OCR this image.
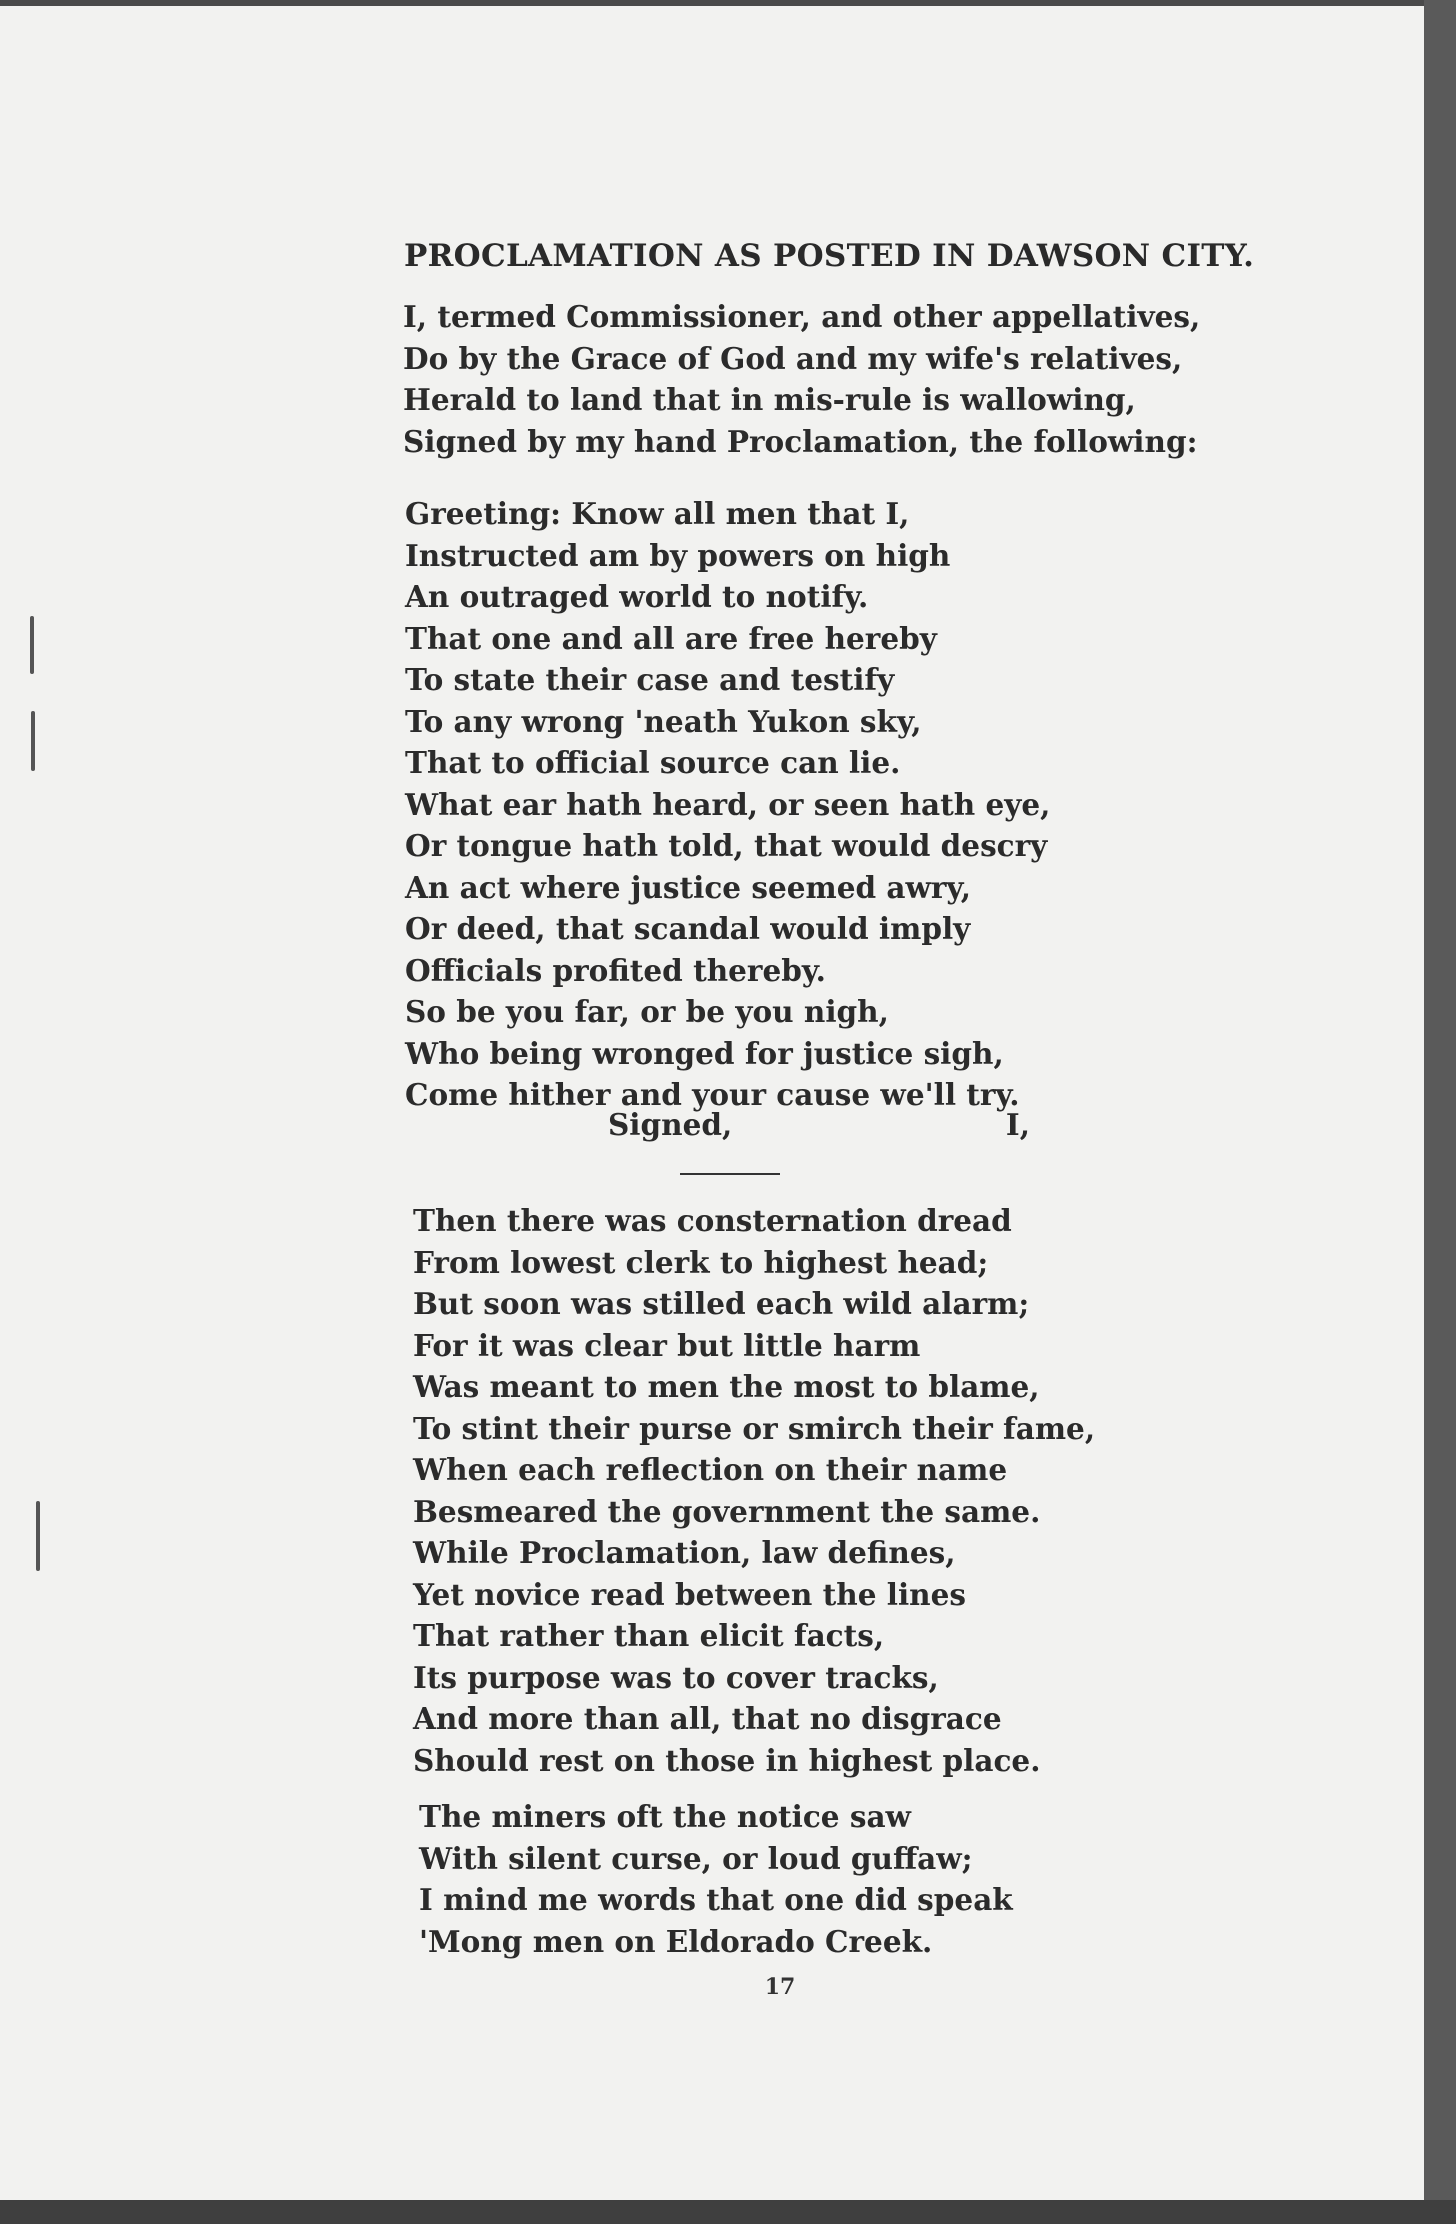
PROCLAMATION AS POSTED IN DAWSON CITY.
I, termed Commissioner, and other appellatives,
Do by the Grace of God and my wife's relatives,
Herald to land that in mis-rule is wallowing,
Signed by my hand Proclamation, the following:
Greeting: Know all men that I,
Instructed am by powers on high
An outraged world to notify.
That one and all are free hereby
To state their case and testify
To any wrong 'neath Yukon sky,
That to official source can lie.
What ear hath heard, or seen hath eye,
Or tongue hath told, that would descry
An act where justice seemed awry,
Or deed, that scandal would imply
Officials profited thereby.
So be you far, or be you nigh,
Who being wronged for justice sigh,
Come hither and your cause we'll try.
Signed,	I,
Then there was consternation dread
From lowest clerk to highest head;
But soon was stilled each wild alarm;
For it was clear but little harm
Was meant to men the most to blame,
To stint their purse or smirch their fame,
When each reflection on their name
Besmeared the government the same.
While Proclamation, law defines,
Yet novice read between the lines
That rather than elicit facts,
Its purpose was to cover tracks,
And more than all, that no disgrace
Should rest on those in highest place.
The miners oft the notice saw
With silent curse, or loud guffaw;
I mind me words that one did speak
'Mong men on Eldorado Creek.
17
